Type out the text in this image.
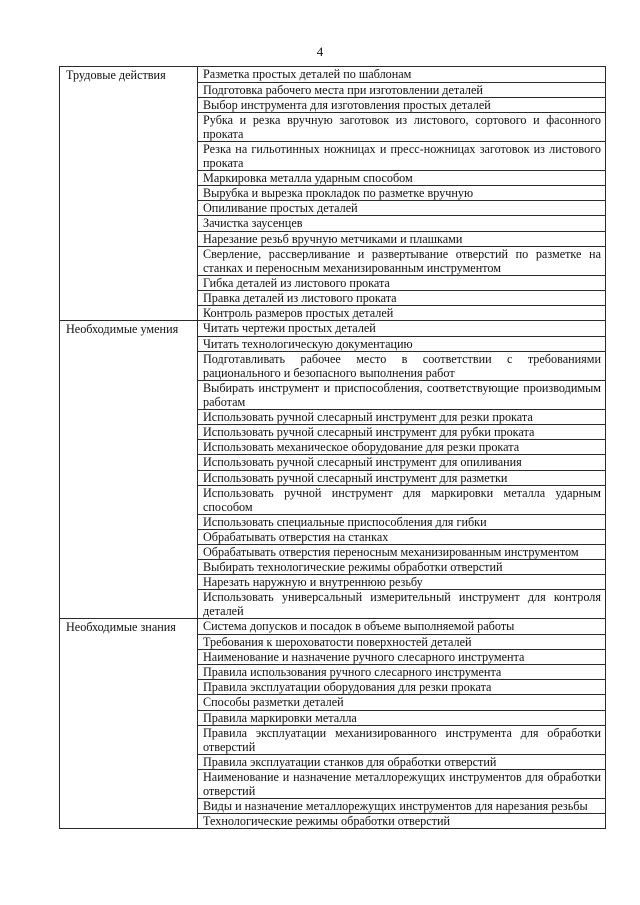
4
Трудовые действия	Разметка простых деталей по шаблонам
	Подготовка рабочего места при изготовлении деталей
	Выбор инструмента для изготовления простых деталей
	Рубка и резка вручную заготовок из листового, сортового и фасонного проката
	Резка на гильотинных ножницах и пресс-ножницах заготовок из листового проката
	Маркировка металла ударным способом
	Вырубка и вырезка прокладок по разметке вручную
	Опиливание простых деталей
	Зачистка заусенцев
	Нарезание резьб вручную метчиками и плашками
	Сверление, рассверливание и развертывание отверстий по разметке на станках и переносным механизированным инструментом
	Гибка деталей из листового проката
	Правка деталей из листового проката
	Контроль размеров простых деталей
Необходимые умения	Читать чертежи простых деталей
	Читать технологическую документацию
	Подготавливать рабочее место в соответствии с требованиями рационального и безопасного выполнения работ
	Выбирать инструмент и приспособления, соответствующие производимым работам
	Использовать ручной слесарный инструмент для резки проката
	Использовать ручной слесарный инструмент для рубки проката
	Использовать механическое оборудование для резки проката
	Использовать ручной слесарный инструмент для опиливания
	Использовать ручной слесарный инструмент для разметки
	Использовать ручной инструмент для маркировки металла ударным способом
	Использовать специальные приспособления для гибки
	Обрабатывать отверстия на станках
	Обрабатывать отверстия переносным механизированным инструментом
	Выбирать технологические режимы обработки отверстий
	Нарезать наружную и внутреннюю резьбу
	Использовать универсальный измерительный инструмент для контроля деталей
Необходимые знания	Система допусков и посадок в объеме выполняемой работы
	Требования к шероховатости поверхностей деталей
	Наименование и назначение ручного слесарного инструмента
	Правила использования ручного слесарного инструмента
	Правила эксплуатации оборудования для резки проката
	Способы разметки деталей
	Правила маркировки металла
	Правила эксплуатации механизированного инструмента для обработки отверстий
	Правила эксплуатации станков для обработки отверстий
	Наименование и назначение металлорежущих инструментов для обработки отверстий
	Виды и назначение металлорежущих инструментов для нарезания резьбы
	Технологические режимы обработки отверстий
